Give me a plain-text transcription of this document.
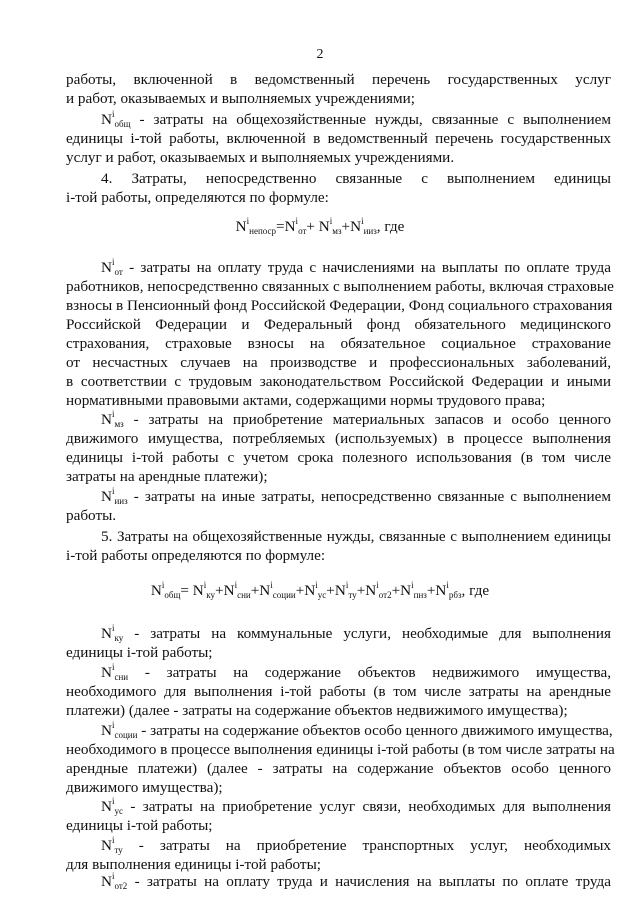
2
работы, включенной в ведомственный перечень государственных услуг
и работ, оказываемых и выполняемых учреждениями;
$N^i_{общ}$ - затраты на общехозяйственные нужды, связанные с выполнением
единицы i-той работы, включенной в ведомственный перечень государственных
услуг и работ, оказываемых и выполняемых учреждениями.
4. Затраты, непосредственно связанные с выполнением единицы
i-той работы, определяются по формуле:
$N^i_{непоср}=N^i_{от}+ N^i_{мз}+N^i_{ииз}$, где
$N^i_{от}$ - затраты на оплату труда с начислениями на выплаты по оплате труда
работников, непосредственно связанных с выполнением работы, включая страховые
взносы в Пенсионный фонд Российской Федерации, Фонд социального страхования
Российской Федерации и Федеральный фонд обязательного медицинского
страхования, страховые взносы на обязательное социальное страхование
от несчастных случаев на производстве и профессиональных заболеваний,
в соответствии с трудовым законодательством Российской Федерации и иными
нормативными правовыми актами, содержащими нормы трудового права;
$N^i_{мз}$ - затраты на приобретение материальных запасов и особо ценного
движимого имущества, потребляемых (используемых) в процессе выполнения
единицы i-той работы с учетом срока полезного использования (в том числе
затраты на арендные платежи);
$N^i_{ииз}$ - затраты на иные затраты, непосредственно связанные с выполнением
работы.
5. Затраты на общехозяйственные нужды, связанные с выполнением единицы
i-той работы определяются по формуле:
$N^i_{общ}= N^i_{ку}+N^i_{сни}+N^i_{соции}+N^i_{ус}+N^i_{ту}+N^i_{от2}+N^i_{пнз}+N^i_{рбз}$, где
$N^i_{ку}$ - затраты на коммунальные услуги, необходимые для выполнения
единицы i-той работы;
$N^i_{сни}$ - затраты на содержание объектов недвижимого имущества,
необходимого для выполнения i-той работы (в том числе затраты на арендные
платежи) (далее - затраты на содержание объектов недвижимого имущества);
$N^i_{соции}$ - затраты на содержание объектов особо ценного движимого имущества,
необходимого в процессе выполнения единицы i-той работы (в том числе затраты на
арендные платежи) (далее - затраты на содержание объектов особо ценного
движимого имущества);
$N^i_{ус}$ - затраты на приобретение услуг связи, необходимых для выполнения
единицы i-той работы;
$N^i_{ту}$ - затраты на приобретение транспортных услуг, необходимых
для выполнения единицы i-той работы;
$N^i_{от2}$ - затраты на оплату труда и начисления на выплаты по оплате труда
